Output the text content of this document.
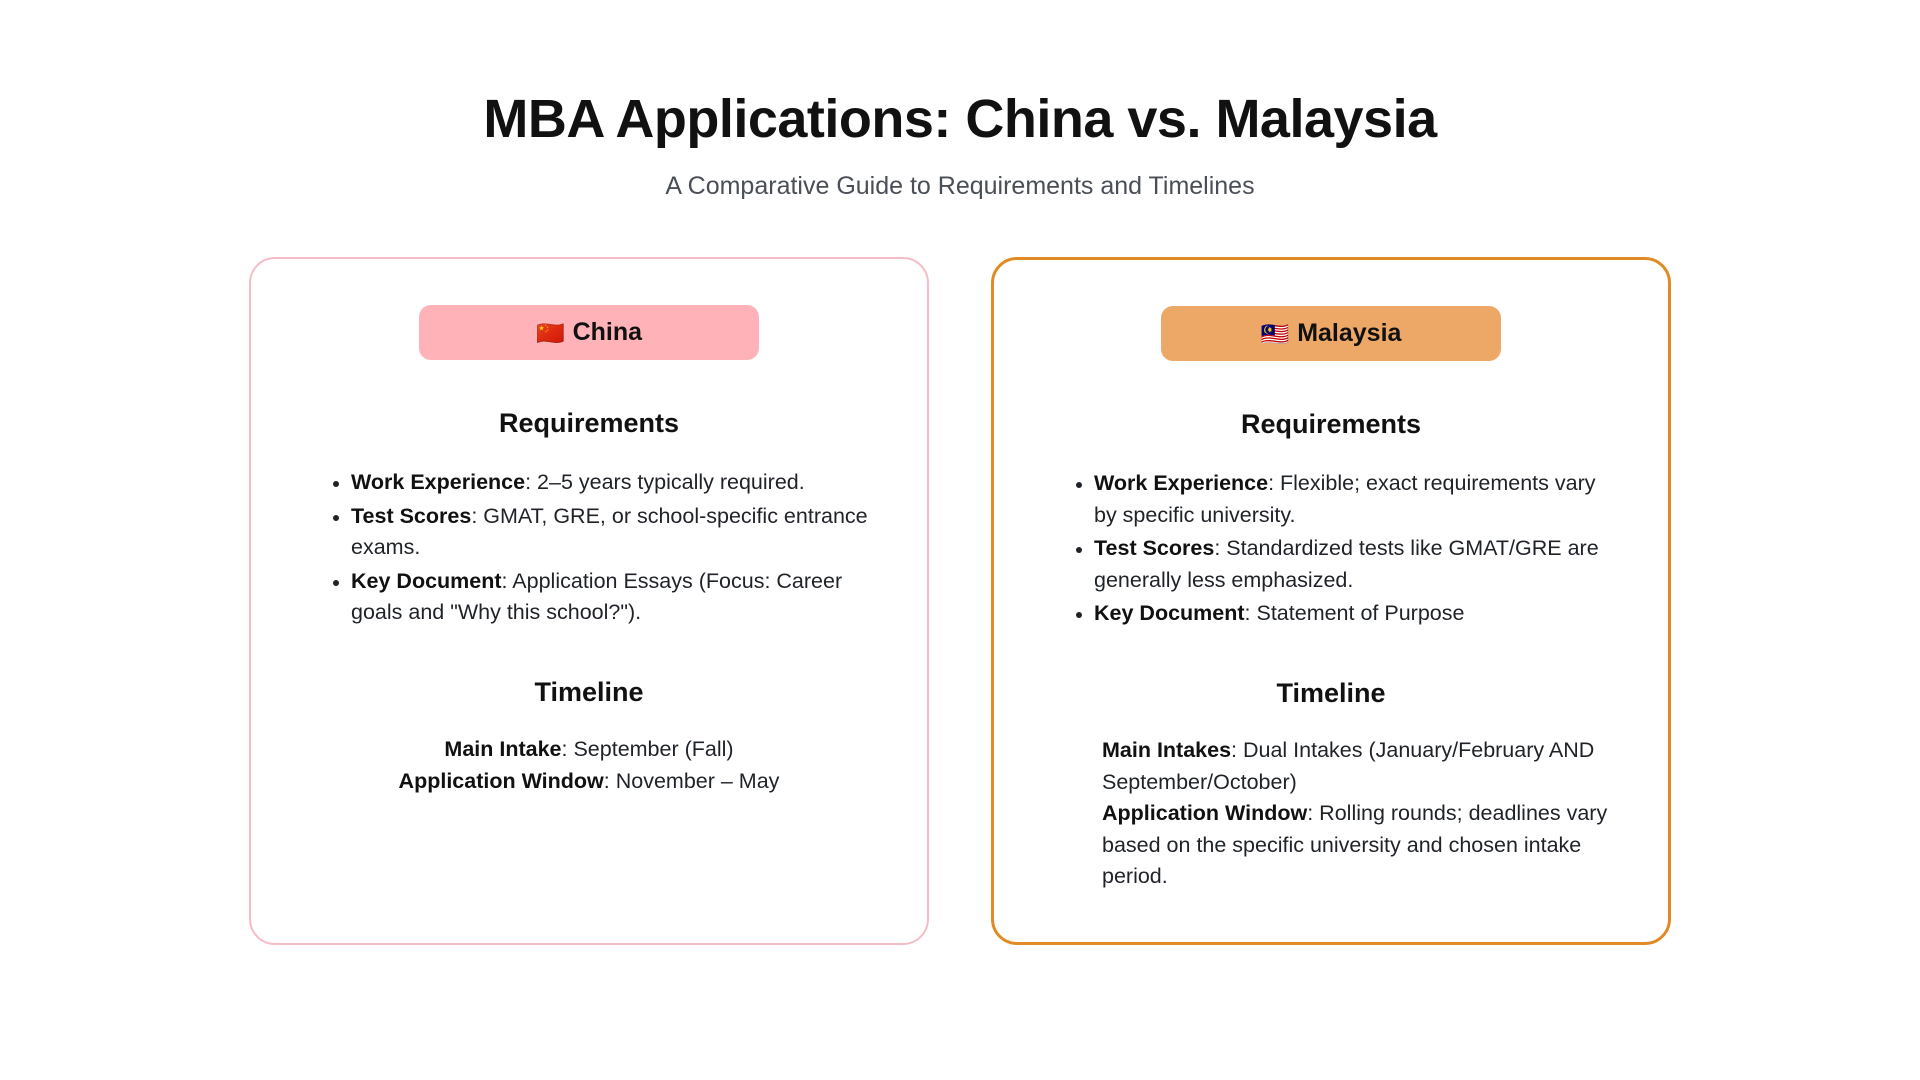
MBA Applications: China vs. Malaysia

A Comparative Guide to Requirements and Timelines

🇨🇳 China
Requirements
• Work Experience: 2–5 years typically required.
• Test Scores: GMAT, GRE, or school-specific entrance exams.
• Key Document: Application Essays (Focus: Career goals and "Why this school?").
Timeline

Main Intake: September (Fall)

Application Window: November – May

🇲🇾 Malaysia
Requirements
• Work Experience: Flexible; exact requirements vary by specific university.
• Test Scores: Standardized tests like GMAT/GRE are generally less emphasized.
• Key Document: Statement of Purpose
Timeline

Main Intakes: Dual Intakes (January/February AND September/October)

Application Window: Rolling rounds; deadlines vary based on the specific university and chosen intake period.
